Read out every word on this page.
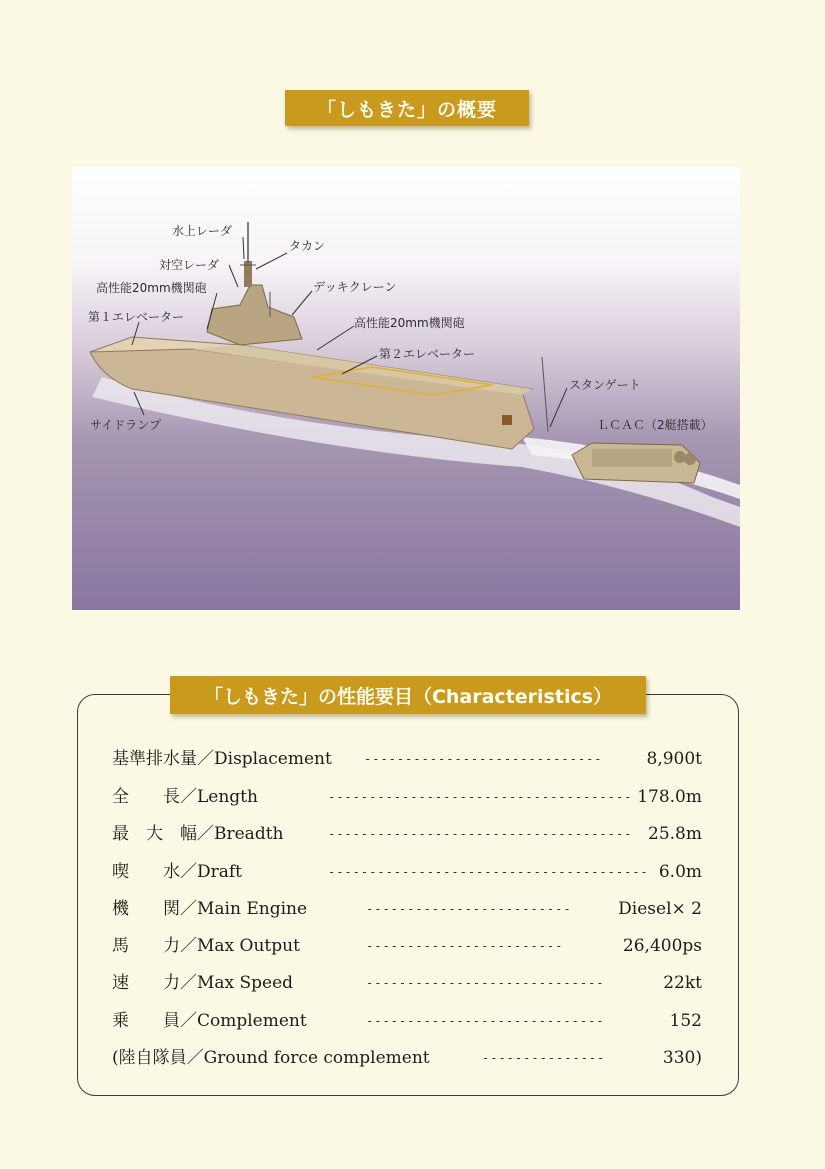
「しもきた」の概要
水上レーダ
タカン
対空レーダ
デッキクレーン
高性能20mm機関砲
第１エレベーター	高性能20mm機関砲
第２エレベーター
スタンゲート
サイドランプ	ＬＣＡＣ（2艇搭載）
「しもきた」の性能要目（Characteristics）
基準排水量／Displacement	-----------------------------	8,900t
全　　長／Length	------------------------------------- 178.0m
最　大　幅／Breadth	------------------------------------- 25.8m
喫　　水／Draft	--------------------------------------- 6.0m
機　　関／Main Engine	-------------------------	Diesel× 2
馬　　力／Max Output	------------------------	26,400ps
速　　力／Max Speed	-----------------------------	22kt
乗　　員／Complement	-----------------------------	152
(陸自隊員／Ground force complement	---------------	330)
